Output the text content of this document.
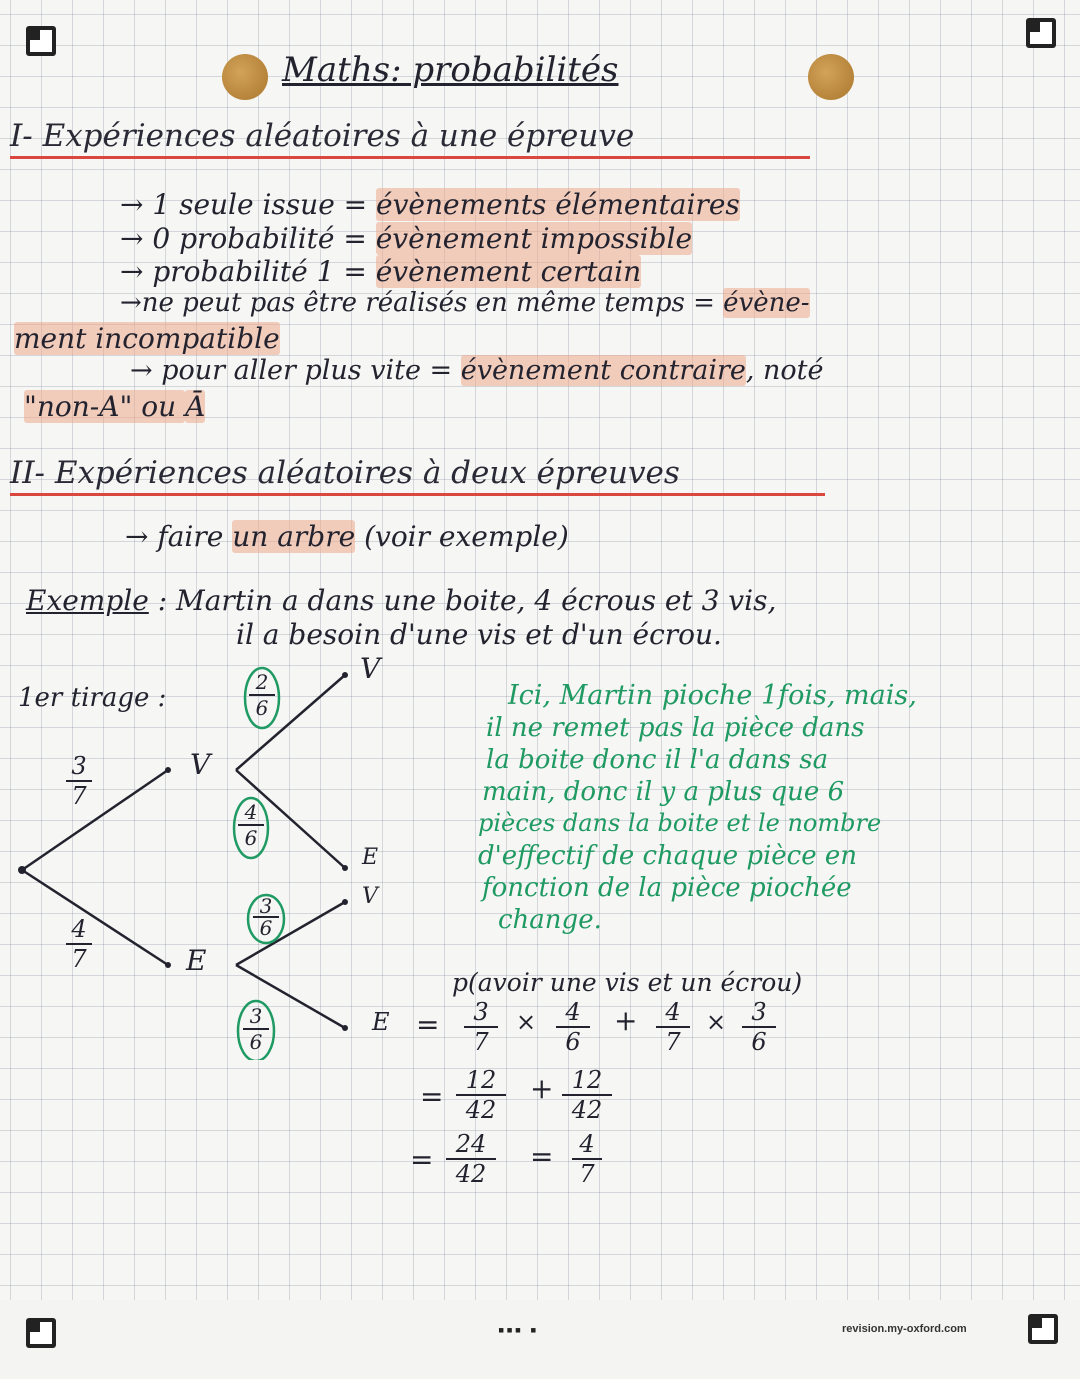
Maths: probabilités
I- Expériences aléatoires à une épreuve
→ 1 seule issue = évènements élémentaires
→ 0 probabilité = évènement impossible
→ probabilité 1 = évènement certain
→ne peut pas être réalisés en même temps = évène-
ment incompatible
→ pour aller plus vite = évènement contraire, noté
"non-A" ou Ā
II- Expériences aléatoires à deux épreuves
→ faire un arbre (voir exemple)
Exemple : Martin a dans une boite, 4 écrous et 3 vis,
il a besoin d'une vis et d'un écrou.
1er tirage :
$\frac{3}{7}$	V
$\frac{4}{7}$	E
$\frac{2}{6}$
V
$\frac{4}{6}$
E
$\frac{3}{6}$	V
$\frac{3}{6}$	E
Ici, Martin pioche 1fois, mais,
il ne remet pas la pièce dans
la boite donc il l'a dans sa
main, donc il y a plus que 6
pièces dans la boite et le nombre
d'effectif de chaque pièce en
fonction de la pièce piochée
change.
p(avoir une vis et un écrou)
= $\frac{3}{7} \times \frac{4}{6} + \frac{4}{7} \times \frac{3}{6}$
= $\frac{12}{42} + \frac{12}{42}$
= $\frac{24}{42} = \frac{4}{7}$
▪▪▪ ▪	revision.my-oxford.com
